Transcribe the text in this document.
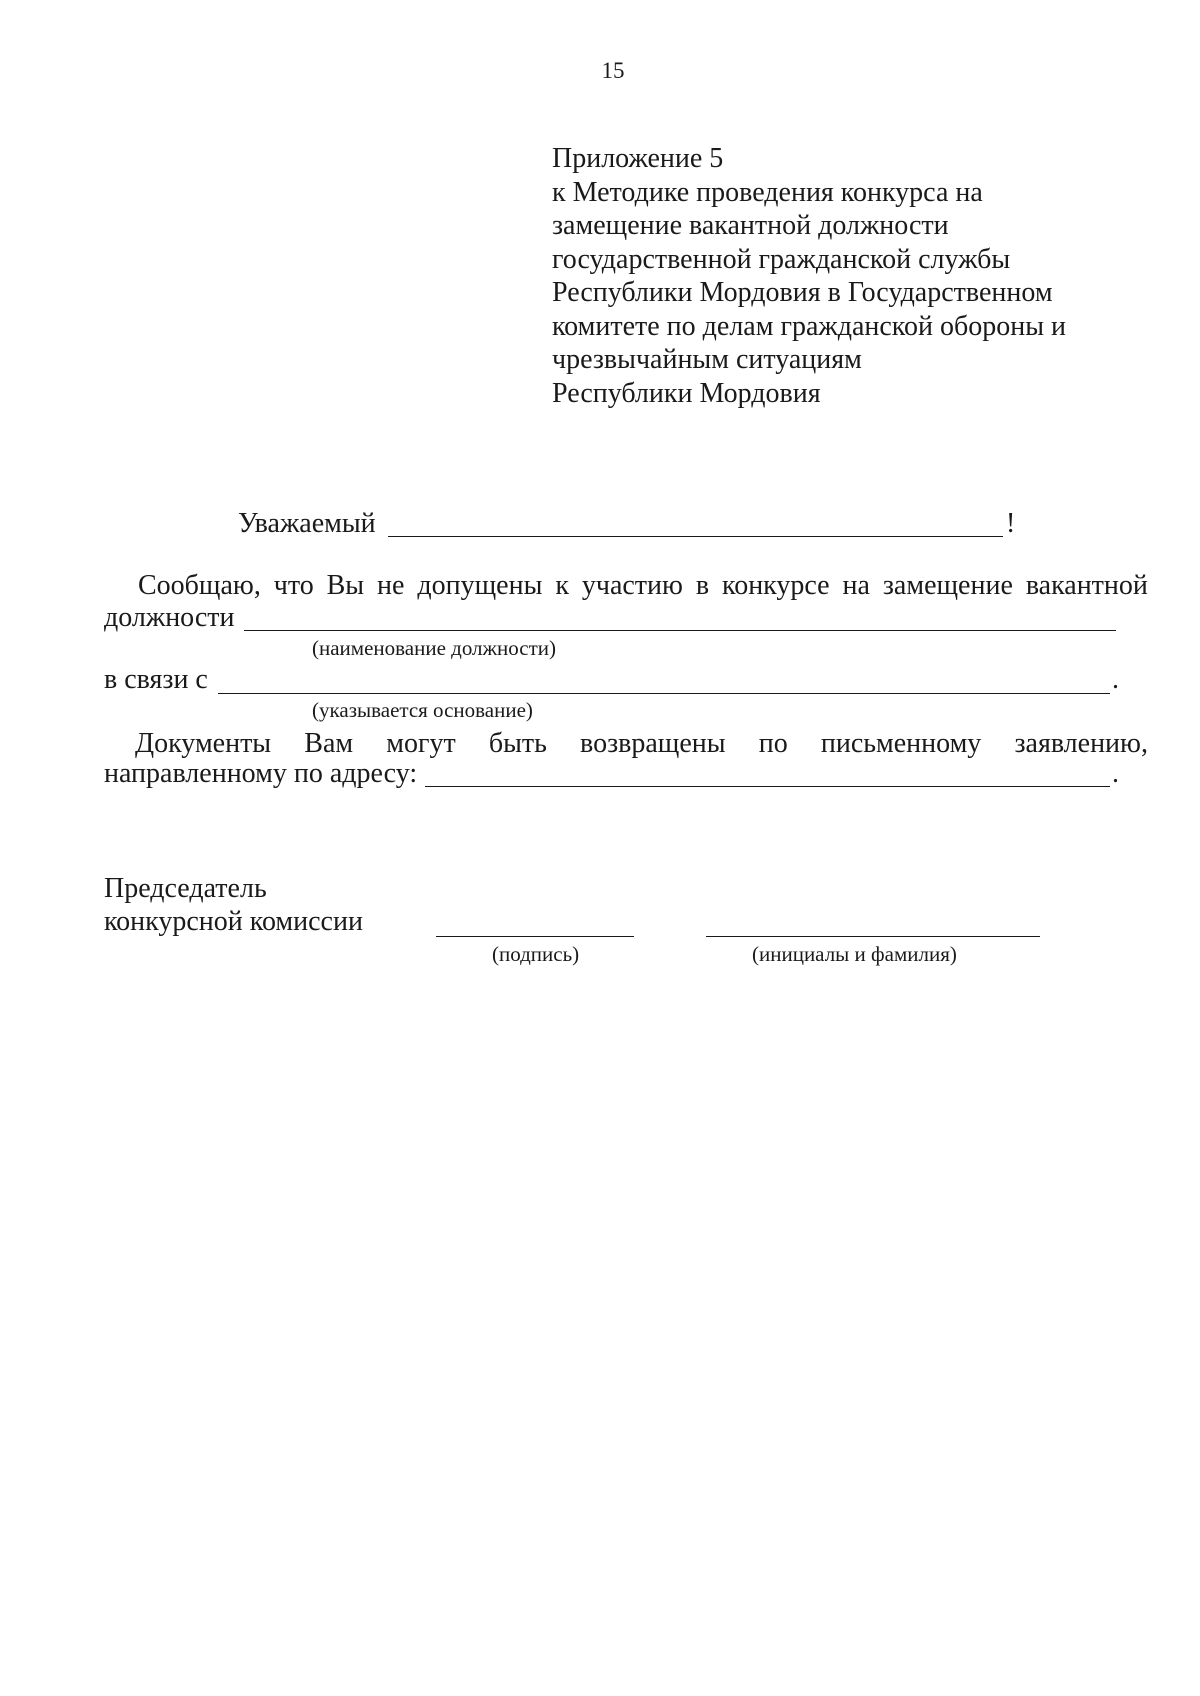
15
Приложение 5
к Методике проведения конкурса на
замещение вакантной должности
государственной гражданской службы
Республики Мордовия в Государственном
комитете по делам гражданской обороны и
чрезвычайным ситуациям
Республики Мордовия
Уважаемый	!
Сообщаю, что Вы не допущены к участию в конкурсе на замещение вакантной
должности
(наименование должности)
в связи с	.
(указывается основание)
Документы Вам могут быть возвращены по письменному заявлению,
направленному по адресу:	.
Председатель
конкурсной комиссии
(подпись)	(инициалы и фамилия)
